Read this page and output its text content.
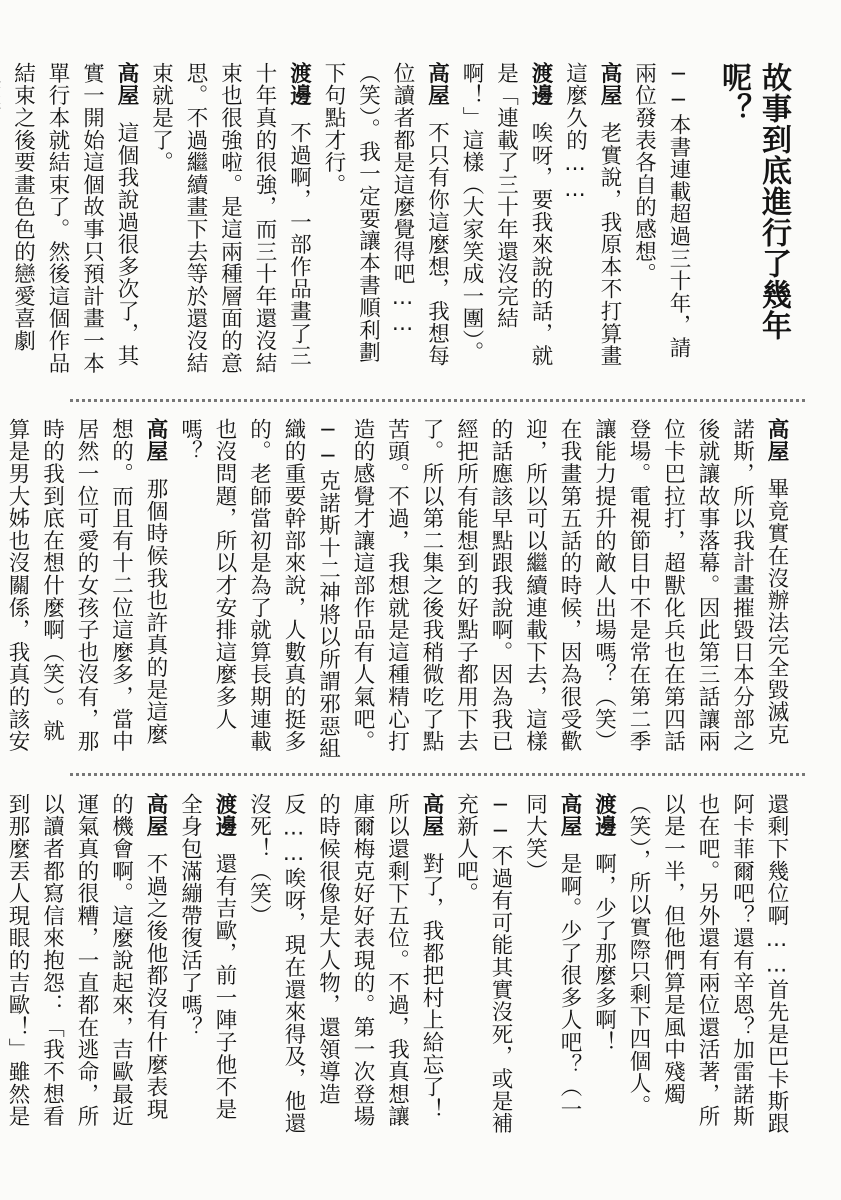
故事到底進行了幾年呢？

──本書連載超過三十年，請兩位發表各自的感想。

高屋老實說，我原本不打算畫這麼久的……

渡邊唉呀，要我來說的話，就是「連載了三十年還沒完結啊！」這樣（大家笑成一團）。

高屋不只有你這麼想，我想每位讀者都是這麼覺得吧……（笑）。我一定要讓本書順利劃下句點才行。

渡邊不過啊，一部作品畫了三十年真的很強，而三十年還沒結束也很強啦。是這兩種層面的意思。不過繼續畫下去等於還沒結束就是了。

高屋這個我說過很多次了，其實一開始這個故事只預計畫一本單行本就結束了。然後這個作品結束之後要畫色色的戀愛喜劇

高屋畢竟實在沒辦法完全毀滅克諾斯，所以我計畫摧毀日本分部之後就讓故事落幕。因此第三話讓兩位卡巴拉打，超獸化兵也在第四話登場。電視節目中不是常在第二季讓能力提升的敵人出場嗎？（笑）在我畫第五話的時候，因為很受歡迎，所以可以繼續連載下去，這樣的話應該早點跟我說啊。因為我已經把所有能想到的好點子都用下去了。所以第二集之後我稍微吃了點苦頭。不過，我想就是這種精心打造的感覺才讓這部作品有人氣吧。

──克諾斯十二神將以所謂邪惡組織的重要幹部來說，人數真的挺多的。老師當初是為了就算長期連載也沒問題，所以才安排這麼多人嗎？

高屋那個時候我也許真的是這麼想的。而且有十二位這麼多，當中居然一位可愛的女孩子也沒有，那時的我到底在想什麼啊（笑）。就算是男大姊也沒關係，我真的該安

還剩下幾位啊……首先是巴卡斯跟阿卡菲爾吧？還有辛恩？加雷諾斯也在吧。另外還有兩位還活著，所以是一半，但他們算是風中殘燭（笑），所以實際只剩下四個人。

渡邊啊，少了那麼多啊！

高屋是啊。少了很多人吧？（一同大笑）

──不過有可能其實沒死，或是補充新人吧。

高屋對了，我都把村上給忘了！所以還剩下五位。不過，我真想讓庫爾梅克好好表現的。第一次登場的時候很像是大人物，還領導造反……唉呀，現在還來得及，他還沒死！（笑）

渡邊還有吉歐，前一陣子他不是全身包滿繃帶復活了嗎？

高屋不過之後他都沒有什麼表現的機會啊。這麼說起來，吉歐最近運氣真的很糟，一直都在逃命，所以讀者都寫信來抱怨：「我不想看到那麼丟人現眼的吉歐！」雖然是
